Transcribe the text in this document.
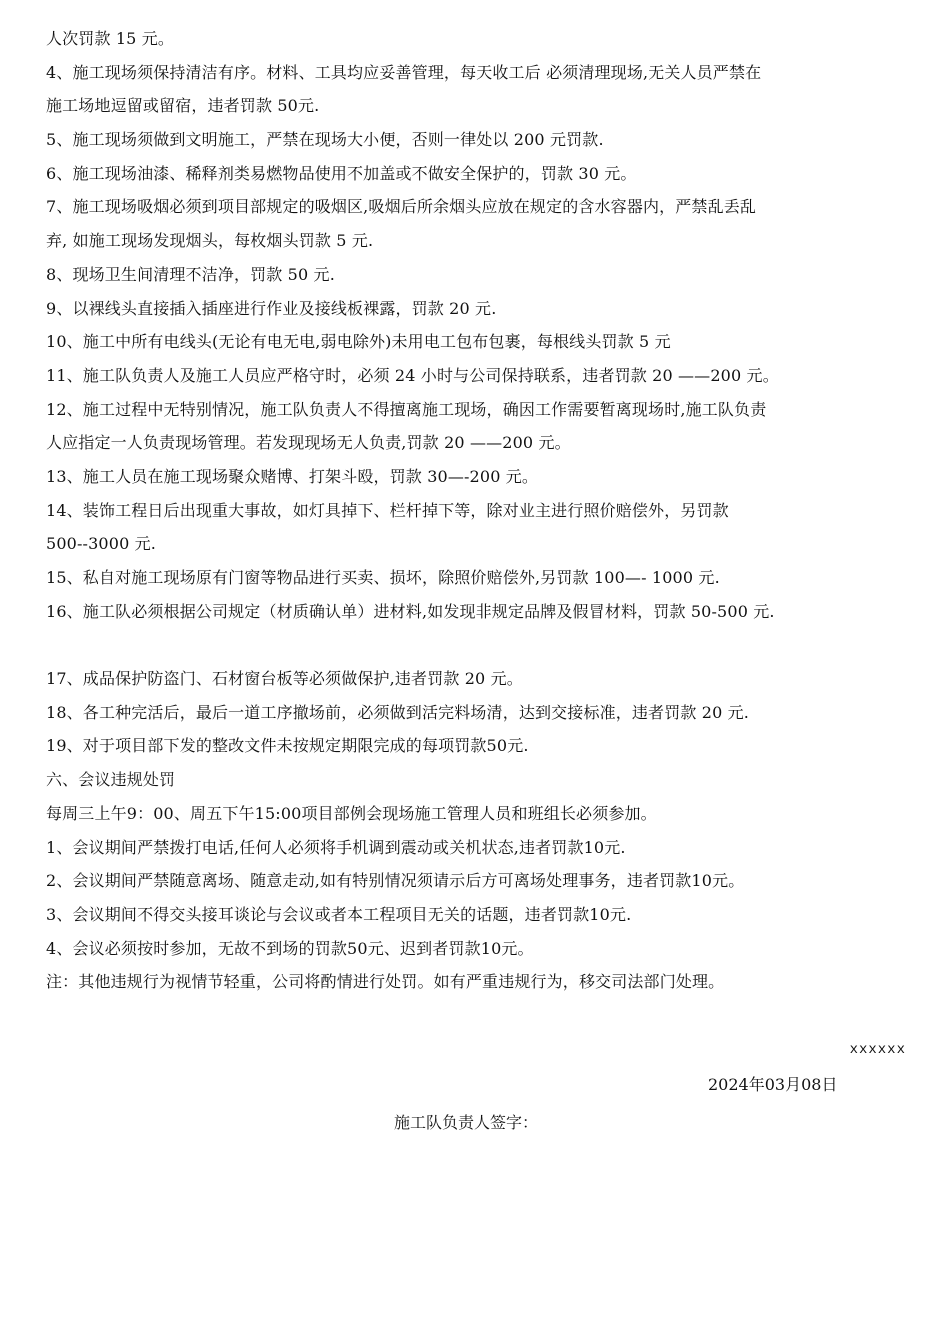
人次罚款 15 元。
4、施工现场须保持清洁有序。材料、工具均应妥善管理，每天收工后 必须清理现场,无关人员严禁在
施工场地逗留或留宿，违者罚款 50元.
5、施工现场须做到文明施工，严禁在现场大小便，否则一律处以 200 元罚款.
6、施工现场油漆、稀释剂类易燃物品使用不加盖或不做安全保护的，罚款 30 元。
7、施工现场吸烟必须到项目部规定的吸烟区,吸烟后所余烟头应放在规定的含水容器内，严禁乱丢乱
弃, 如施工现场发现烟头，每枚烟头罚款 5 元.
8、现场卫生间清理不洁净，罚款 50 元.
9、以裸线头直接插入插座进行作业及接线板裸露，罚款 20 元.
10、施工中所有电线头(无论有电无电,弱电除外)未用电工包布包裹，每根线头罚款 5 元
11、施工队负责人及施工人员应严格守时，必须 24 小时与公司保持联系，违者罚款 20 ——200 元。
12、施工过程中无特别情况，施工队负责人不得擅离施工现场，确因工作需要暂离现场时,施工队负责
人应指定一人负责现场管理。若发现现场无人负责,罚款 20 ——200 元。
13、施工人员在施工现场聚众赌博、打架斗殴，罚款 30—-200 元。
14、装饰工程日后出现重大事故，如灯具掉下、栏杆掉下等，除对业主进行照价赔偿外，另罚款
500--3000 元.
15、私自对施工现场原有门窗等物品进行买卖、损坏，除照价赔偿外,另罚款 100—- 1000 元.
16、施工队必须根据公司规定（材质确认单）进材料,如发现非规定品牌及假冒材料，罚款 50-500 元.
17、成品保护防盗门、石材窗台板等必须做保护,违者罚款 20 元。
18、各工种完活后，最后一道工序撤场前，必须做到活完料场清，达到交接标准，违者罚款 20 元.
19、对于项目部下发的整改文件未按规定期限完成的每项罚款50元.
六、会议违规处罚
每周三上午9：00、周五下午15:00项目部例会现场施工管理人员和班组长必须参加。
1、会议期间严禁拨打电话,任何人必须将手机调到震动或关机状态,违者罚款10元.
2、会议期间严禁随意离场、随意走动,如有特别情况须请示后方可离场处理事务，违者罚款10元。
3、会议期间不得交头接耳谈论与会议或者本工程项目无关的话题，违者罚款10元.
4、会议必须按时参加，无故不到场的罚款50元、迟到者罚款10元。
注：其他违规行为视情节轻重，公司将酌情进行处罚。如有严重违规行为，移交司法部门处理。
xxxxxx
2024年03月08日
施工队负责人签字：
